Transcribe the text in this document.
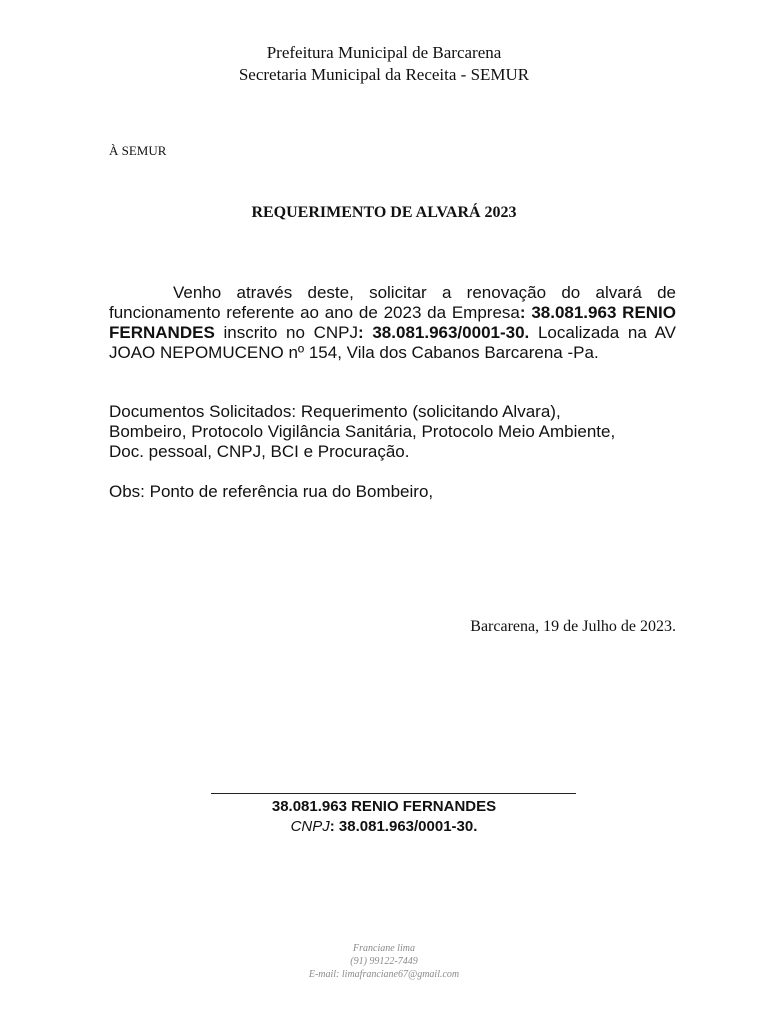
Prefeitura Municipal de Barcarena
Secretaria Municipal da Receita - SEMUR
À SEMUR
REQUERIMENTO DE ALVARÁ 2023
Venho através deste, solicitar a renovação do alvará de funcionamento referente ao ano de 2023 da Empresa: 38.081.963 RENIO FERNANDES inscrito no CNPJ: 38.081.963/0001-30. Localizada na AV JOAO NEPOMUCENO nº 154, Vila dos Cabanos Barcarena -Pa.
Documentos Solicitados: Requerimento (solicitando Alvara),
Bombeiro, Protocolo Vigilância Sanitária, Protocolo Meio Ambiente,
Doc. pessoal, CNPJ, BCI e Procuração.
Obs: Ponto de referência rua do Bombeiro,
Barcarena, 19 de Julho de 2023.
38.081.963 RENIO FERNANDES
CNPJ: 38.081.963/0001-30.
Franciane lima
(91) 99122-7449
E-mail: limafranciane67@gmail.com
